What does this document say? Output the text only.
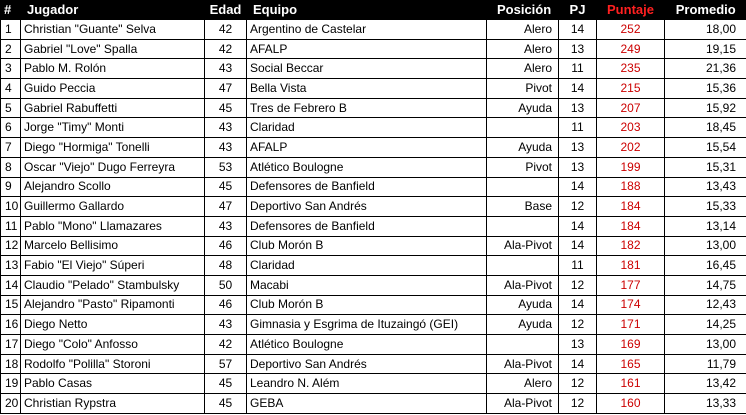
#	Jugador	Edad	Equipo	Posición	PJ	Puntaje	Promedio
1	Christian "Guante" Selva	42	Argentino de Castelar	Alero	14	252	18,00
2	Gabriel "Love" Spalla	42	AFALP	Alero	13	249	19,15
3	Pablo M. Rolón	43	Social Beccar	Alero	11	235	21,36
4	Guido Peccia	47	Bella Vista	Pivot	14	215	15,36
5	Gabriel Rabuffetti	45	Tres de Febrero B	Ayuda	13	207	15,92
6	Jorge "Timy" Monti	43	Claridad		11	203	18,45
7	Diego "Hormiga" Tonelli	43	AFALP	Ayuda	13	202	15,54
8	Oscar "Viejo" Dugo Ferreyra	53	Atlético Boulogne	Pivot	13	199	15,31
9	Alejandro Scollo	45	Defensores de Banfield		14	188	13,43
10	Guillermo Gallardo	47	Deportivo San Andrés	Base	12	184	15,33
11	Pablo "Mono" Llamazares	43	Defensores de Banfield		14	184	13,14
12	Marcelo Bellisimo	46	Club Morón B	Ala-Pivot	14	182	13,00
13	Fabio "El Viejo" Súperi	48	Claridad		11	181	16,45
14	Claudio "Pelado" Stambulsky	50	Macabi	Ala-Pivot	12	177	14,75
15	Alejandro "Pasto" Ripamonti	46	Club Morón B	Ayuda	14	174	12,43
16	Diego Netto	43	Gimnasia y Esgrima de Ituzaingó (GEI)	Ayuda	12	171	14,25
17	Diego "Colo" Anfosso	42	Atlético Boulogne		13	169	13,00
18	Rodolfo "Polilla" Storoni	57	Deportivo San Andrés	Ala-Pivot	14	165	11,79
19	Pablo Casas	45	Leandro N. Além	Alero	12	161	13,42
20	Christian Rypstra	45	GEBA	Ala-Pivot	12	160	13,33
